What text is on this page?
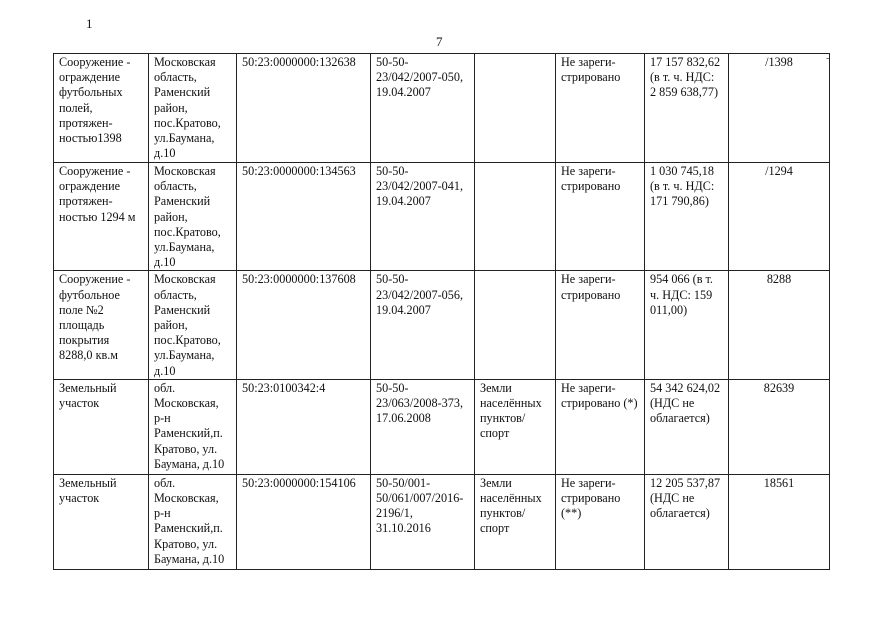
1
7
-
Сооружение - ограждение футбольных полей, протяжен-ностью1398	Московская область, Раменский район, пос.Кратово, ул.Баумана, д.10	50:23:0000000:132638	50-50-23/042/2007-050, 19.04.2007		Не зареги-стрировано	17 157 832,62 (в т. ч. НДС: 2 859 638,77)	/1398
Сооружение - ограждение протяжен-ностью 1294 м	Московская область, Раменский район, пос.Кратово, ул.Баумана, д.10	50:23:0000000:134563	50-50-23/042/2007-041, 19.04.2007		Не зареги-стрировано	1 030 745,18 (в т. ч. НДС: 171 790,86)	/1294
Сооружение - футбольное поле №2 площадь покрытия 8288,0 кв.м	Московская область, Раменский район, пос.Кратово, ул.Баумана, д.10	50:23:0000000:137608	50-50-23/042/2007-056, 19.04.2007		Не зареги-стрировано	954 066 (в т. ч. НДС: 159 011,00)	8288
Земельный участок	обл. Московская, р-н Раменский,п. Кратово, ул. Баумана, д.10	50:23:0100342:4	50-50-23/063/2008-373, 17.06.2008	Земли населённых пунктов/ спорт	Не зареги-стрировано (*)	54 342 624,02 (НДС не облагается)	82639
Земельный участок	обл. Московская, р-н Раменский,п. Кратово, ул. Баумана, д.10	50:23:0000000:154106	50-50/001-50/061/007/2016-2196/1, 31.10.2016	Земли населённых пунктов/ спорт	Не зареги-стрировано (**)	12 205 537,87 (НДС не облагается)	18561
